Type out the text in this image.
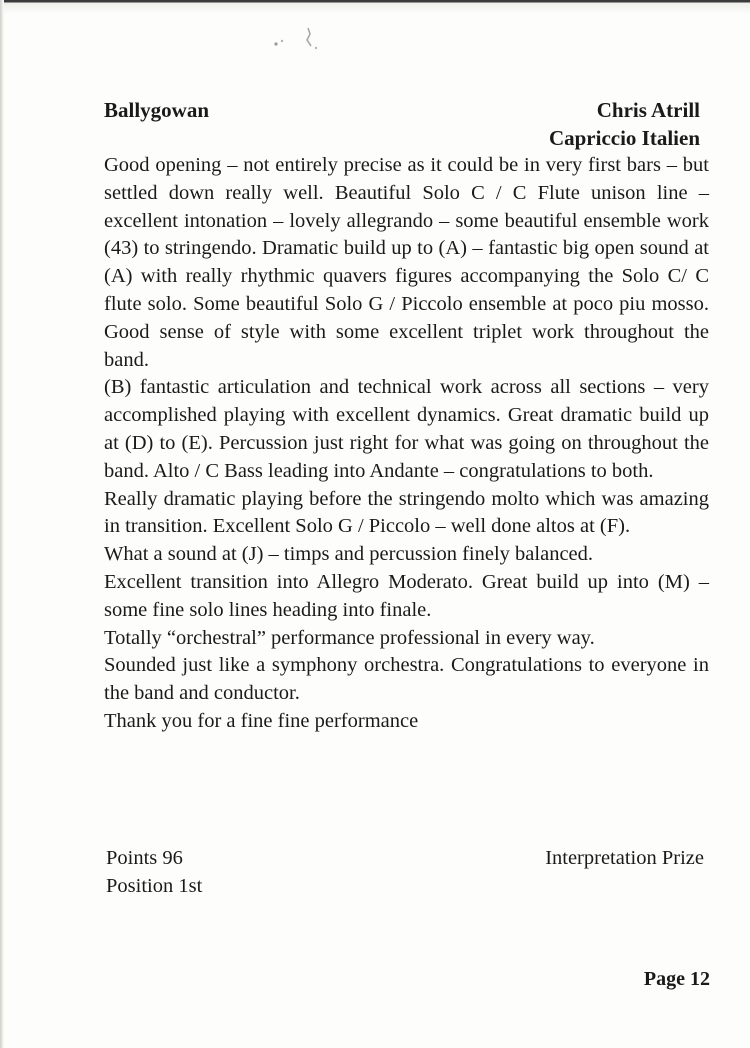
Ballygowan	Chris Atrill
Capriccio Italien

Good opening – not entirely precise as it could be in very first bars – but settled down really well. Beautiful Solo C / C Flute unison line – excellent intonation – lovely allegrando – some beautiful ensemble work (43) to stringendo. Dramatic build up to (A) – fantastic big open sound at (A) with really rhythmic quavers figures accompanying the Solo C/ C flute solo. Some beautiful Solo G / Piccolo ensemble at poco piu mosso. Good sense of style with some excellent triplet work throughout the band.

(B) fantastic articulation and technical work across all sections – very accomplished playing with excellent dynamics. Great dramatic build up at (D) to (E). Percussion just right for what was going on throughout the band. Alto / C Bass leading into Andante – congratulations to both.

Really dramatic playing before the stringendo molto which was amazing in transition. Excellent Solo G / Piccolo – well done altos at (F).

What a sound at (J) – timps and percussion finely balanced.

Excellent transition into Allegro Moderato. Great build up into (M) – some fine solo lines heading into finale.

Totally “orchestral” performance professional in every way.

Sounded just like a symphony orchestra. Congratulations to everyone in the band and conductor.

Thank you for a fine fine performance

Points 96
Position 1st
Interpretation Prize
Page 12
